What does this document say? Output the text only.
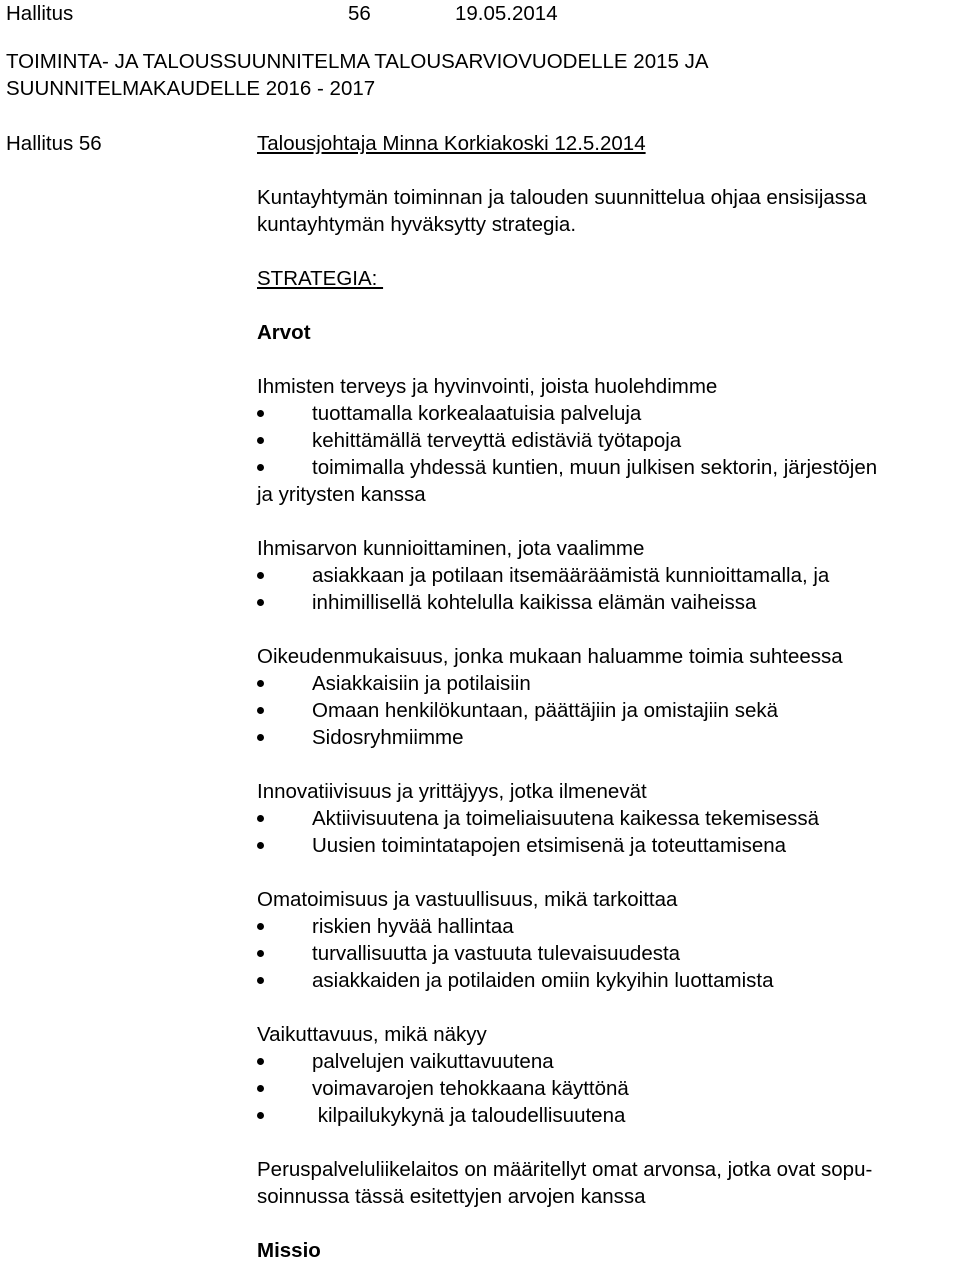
Hallitus	56	19.05.2014
TOIMINTA- JA TALOUSSUUNNITELMA TALOUSARVIOVUODELLE 2015 JA
SUUNNITELMAKAUDELLE 2016 - 2017
Hallitus 56	Talousjohtaja Minna Korkiakoski 12.5.2014

Kuntayhtymän toiminnan ja talouden suunnittelua ohjaa ensisijassa

kuntayhtymän hyväksytty strategia.

STRATEGIA:

Arvot

Ihmisten terveys ja hyvinvointi, joista huolehdimme

tuottamalla korkealaatuisia palveluja
kehittämällä terveyttä edistäviä työtapoja
toimimalla yhdessä kuntien, muun julkisen sektorin, järjestöjen

ja yritysten kanssa

Ihmisarvon kunnioittaminen, jota vaalimme

asiakkaan ja potilaan itsemääräämistä kunnioittamalla, ja
inhimillisellä kohtelulla kaikissa elämän vaiheissa

Oikeudenmukaisuus, jonka mukaan haluamme toimia suhteessa

Asiakkaisiin ja potilaisiin
Omaan henkilökuntaan, päättäjiin ja omistajiin sekä
Sidosryhmiimme

Innovatiivisuus ja yrittäjyys, jotka ilmenevät

Aktiivisuutena ja toimeliaisuutena kaikessa tekemisessä
Uusien toimintatapojen etsimisenä ja toteuttamisena

Omatoimisuus ja vastuullisuus, mikä tarkoittaa

riskien hyvää hallintaa
turvallisuutta ja vastuuta tulevaisuudesta
asiakkaiden ja potilaiden omiin kykyihin luottamista

Vaikuttavuus, mikä näkyy

palvelujen vaikuttavuutena
voimavarojen tehokkaana käyttönä
kilpailukykynä ja taloudellisuutena

Peruspalveluliikelaitos on määritellyt omat arvonsa, jotka ovat sopu-

soinnussa tässä esitettyjen arvojen kanssa

Missio
